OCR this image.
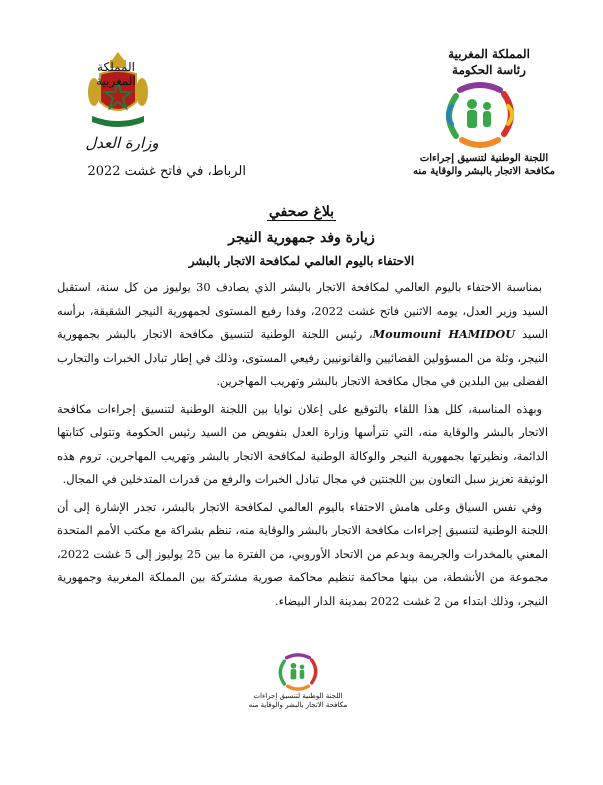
المملكة المغربية
وزارة العدل
الرباط، في فاتح غشت 2022
المملكة المغربية
رئاسة الحكومة
اللجنة الوطنية لتنسيق إجراءات
مكافحة الاتجار بالبشر والوقاية منه
بلاغ صحفي
زيارة وفد جمهورية النيجر
الاحتفاء باليوم العالمي لمكافحة الاتجار بالبشر

بمناسبة الاحتفاء باليوم العالمي لمكافحة الاتجار بالبشر الذي يصادف 30 يوليوز من كل سنة، استقبل السيد وزير العدل، يومه الاثنين فاتح غشت 2022، وفدا رفيع المستوى لجمهورية النيجر الشقيقة، برأسه السيد Moumouni HAMIDOU، رئيس اللجنة الوطنية لتنسيق مكافحة الاتجار بالبشر بجمهورية النيجر، وثلة من المسؤولين القضائيين والقانونيين رفيعي المستوى، وذلك في إطار تبادل الخبرات والتجارب الفضلى بين البلدين في مجال مكافحة الاتجار بالبشر وتهريب المهاجرين.

وبهذه المناسبة، كلل هذا اللقاء بالتوقيع على إعلان نوايا بين اللجنة الوطنية لتنسيق إجراءات مكافحة الاتجار بالبشر والوقاية منه، التي تترأسها وزارة العدل بتفويض من السيد رئيس الحكومة وتتولى كتابتها الدائمة، ونظيرتها بجمهورية النيجر والوكالة الوطنية لمكافحة الاتجار بالبشر وتهريب المهاجرين. تروم هذه الوثيقة تعزيز سبل التعاون بين اللجنتين في مجال تبادل الخبرات والرفع من قدرات المتدخلين في المجال.

وفي نفس السياق وعلى هامش الاحتفاء باليوم العالمي لمكافحة الاتجار بالبشر، تجدر الإشارة إلى أن اللجنة الوطنية لتنسيق إجراءات مكافحة الاتجار بالبشر والوقاية منه، تنظم بشراكة مع مكتب الأمم المتحدة المعني بالمخدرات والجريمة وبدعم من الاتحاد الأوروبي، من الفترة ما بين 25 يوليوز إلى 5 غشت 2022، مجموعة من الأنشطة، من بينها محاكمة تنظيم محاكمة صورية مشتركة بين المملكة المغربية وجمهورية النيجر، وذلك ابتداء من 2 غشت 2022 بمدينة الدار البيضاء.

اللجنة الوطنية لتنسيق إجراءات
مكافحة الاتجار بالبشر والوقاية منه
